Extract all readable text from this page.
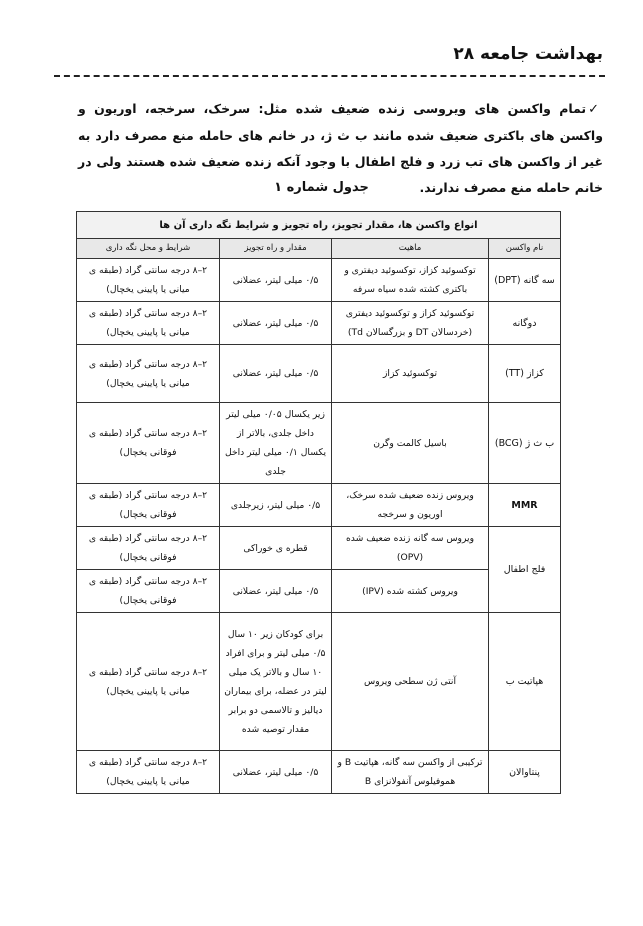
بهداشت جامعه ۲۸
✓تمام واکسن های ویروسی زنده ضعیف شده مثل: سرخک، سرخجه، اوریون و واکسن های باکتری ضعیف شده مانند ب ث ژ، در خانم های حامله منع مصرف دارد به غیر از واکسن های تب زرد و فلج اطفال با وجود آنکه زنده ضعیف شده هستند ولی در خانم حامله منع مصرف ندارند.
جدول شماره ۱
انواع واکسن ها، مقدار تجویز، راه تجویز و شرایط نگه داری آن ها			
نام واکسن	ماهیت	مقدار و راه تجویز	شرایط و محل نگه داری
سه گانه (DPT)	توکسوئید کزاز، توکسوئید دیفتری و باکتری کشته شده سیاه سرفه	۰/۵ میلی لیتر، عضلانی	۲–۸ درجه سانتی گراد (طبقه ی میانی یا پایینی یخچال)
دوگانه	توکسوئید کزاز و توکسوئید دیفتری (خردسالان DT و بزرگسالان Td)	۰/۵ میلی لیتر، عضلانی	۲–۸ درجه سانتی گراد (طبقه ی میانی یا پایینی یخچال)
کزاز (TT)	توکسوئید کزاز	۰/۵ میلی لیتر، عضلانی	۲–۸ درجه سانتی گراد (طبقه ی میانی یا پایینی یخچال)
ب ث ژ (BCG)	باسیل کالمت وگرن	زیر یکسال ۰/۰۵ میلی لیتر داخل جلدی، بالاتر از یکسال ۰/۱ میلی لیتر داخل جلدی	۲–۸ درجه سانتی گراد (طبقه ی فوقانی یخچال)
MMR	ویروس زنده ضعیف شده سرخک، اوریون و سرخجه	۰/۵ میلی لیتر، زیرجلدی	۲–۸ درجه سانتی گراد (طبقه ی فوقانی یخچال)
فلج اطفال	ویروس سه گانه زنده ضعیف شده (OPV)	قطره ی خوراکی	۲–۸ درجه سانتی گراد (طبقه ی فوقانی یخچال)
	ویروس کشته شده (IPV)	۰/۵ میلی لیتر، عضلانی	۲–۸ درجه سانتی گراد (طبقه ی فوقانی یخچال)
هپاتیت ب	آنتی ژن سطحی ویروس	برای کودکان زیر ۱۰ سال ۰/۵ میلی لیتر و برای افراد ۱۰ سال و بالاتر یک میلی لیتر در عضله، برای بیماران دیالیز و تالاسمی دو برابر مقدار توصیه شده	۲–۸ درجه سانتی گراد (طبقه ی میانی یا پایینی یخچال)
پنتاوالان	ترکیبی از واکسن سه گانه، هپاتیت B و هموفیلوس آنفولانزای B	۰/۵ میلی لیتر، عضلانی	۲–۸ درجه سانتی گراد (طبقه ی میانی یا پایینی یخچال)
